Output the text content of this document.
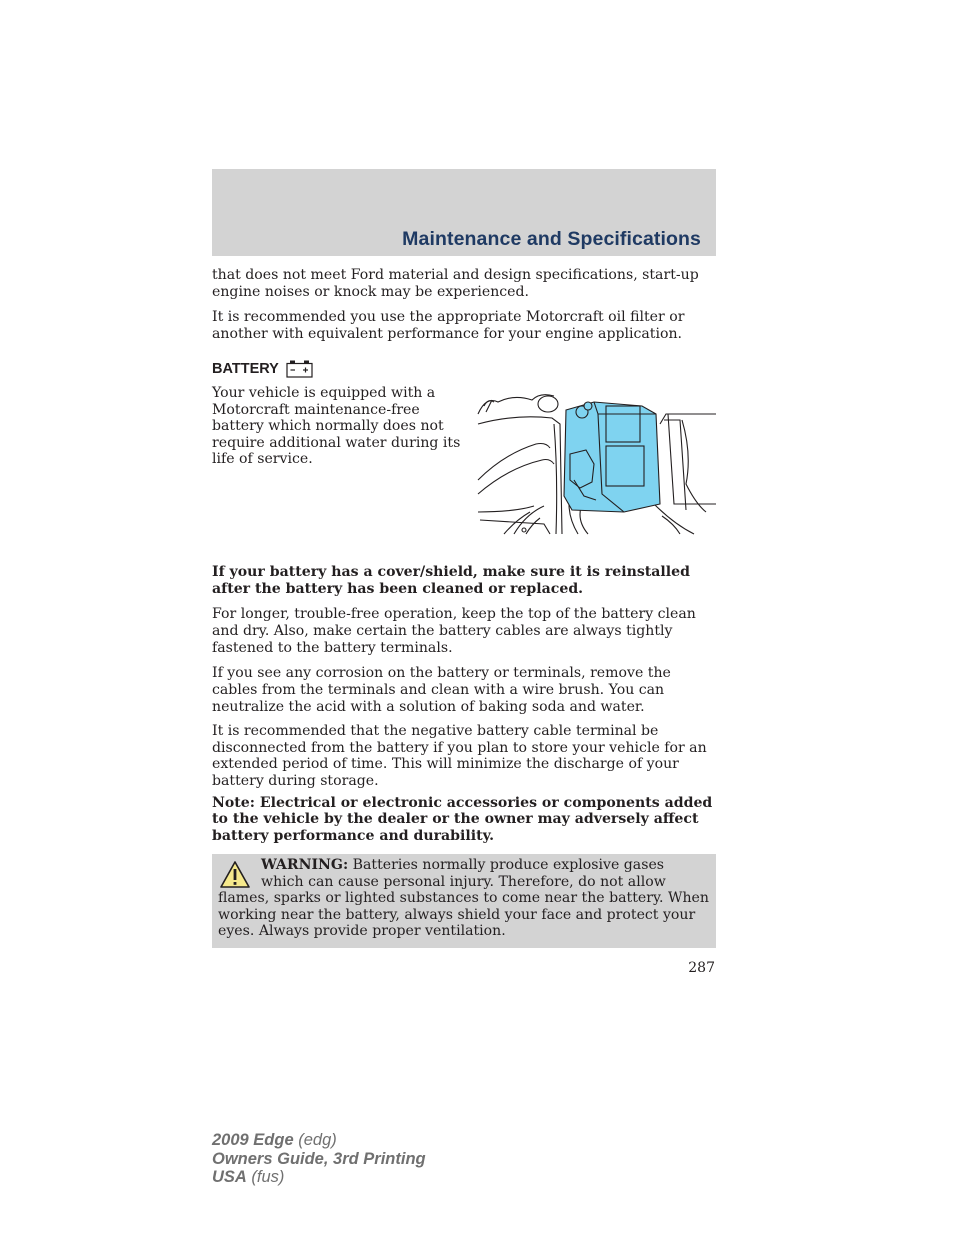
Maintenance and Specifications

that does not meet Ford material and design specifications, start-up engine noises or knock may be experienced.

It is recommended you use the appropriate Motorcraft oil filter or another with equivalent performance for your engine application.

BATTERY

Your vehicle is equipped with a Motorcraft maintenance-free battery which normally does not require additional water during its life of service.

If your battery has a cover/shield, make sure it is reinstalled after the battery has been cleaned or replaced.

For longer, trouble-free operation, keep the top of the battery clean and dry. Also, make certain the battery cables are always tightly fastened to the battery terminals.

If you see any corrosion on the battery or terminals, remove the cables from the terminals and clean with a wire brush. You can neutralize the acid with a solution of baking soda and water.

It is recommended that the negative battery cable terminal be disconnected from the battery if you plan to store your vehicle for an extended period of time. This will minimize the discharge of your battery during storage.

Note: Electrical or electronic accessories or components added to the vehicle by the dealer or the owner may adversely affect battery performance and durability.

WARNING: Batteries normally produce explosive gases which can cause personal injury. Therefore, do not allow flames, sparks or lighted substances to come near the battery. When working near the battery, always shield your face and protect your eyes. Always provide proper ventilation.

287
2009 Edge (edg)
Owners Guide, 3rd Printing
USA (fus)
